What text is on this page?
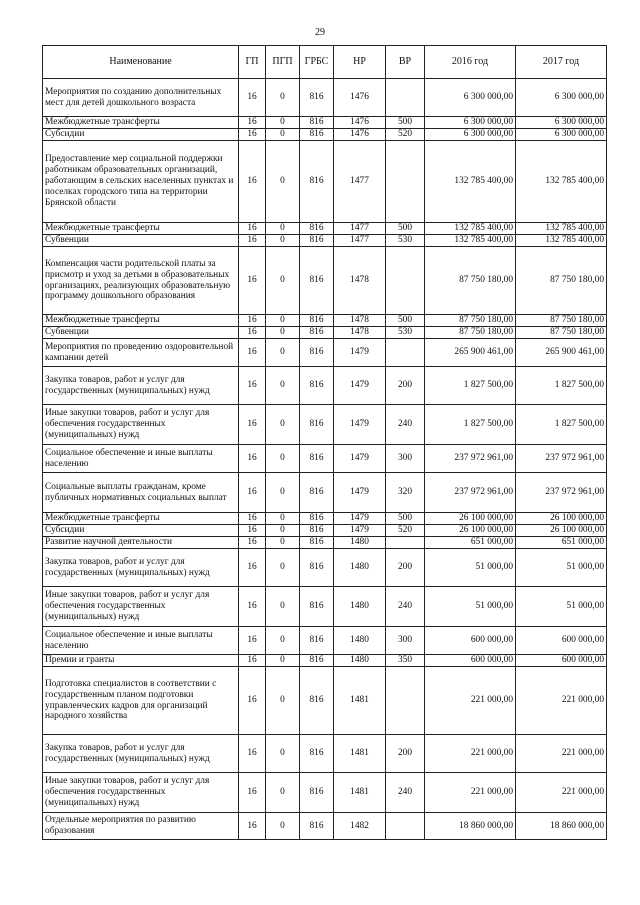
29
Наименование	ГП	ПГП	ГРБС	НР	ВР	2016 год	2017 год
Мероприятия по созданию дополнительных мест для детей дошкольного возраста	16	0	816	1476		6 300 000,00	6 300 000,00
Межбюджетные трансферты	16	0	816	1476	500	6 300 000,00	6 300 000,00
Субсидии	16	0	816	1476	520	6 300 000,00	6 300 000,00
Предоставление мер социальной поддержки работникам образовательных организаций, работающим в сельских населенных пунктах и поселках городского типа на территории Брянской области	16	0	816	1477		132 785 400,00	132 785 400,00
Межбюджетные трансферты	16	0	816	1477	500	132 785 400,00	132 785 400,00
Субвенции	16	0	816	1477	530	132 785 400,00	132 785 400,00
Компенсация части родительской платы за присмотр и уход за детьми в образовательных организациях, реализующих образовательную программу дошкольного образования	16	0	816	1478		87 750 180,00	87 750 180,00
Межбюджетные трансферты	16	0	816	1478	500	87 750 180,00	87 750 180,00
Субвенции	16	0	816	1478	530	87 750 180,00	87 750 180,00
Мероприятия по проведению оздоровительной кампании детей	16	0	816	1479		265 900 461,00	265 900 461,00
Закупка товаров, работ и услуг для государственных (муниципальных) нужд	16	0	816	1479	200	1 827 500,00	1 827 500,00
Иные закупки товаров, работ и услуг для обеспечения государственных (муниципальных) нужд	16	0	816	1479	240	1 827 500,00	1 827 500,00
Социальное обеспечение и иные выплаты населению	16	0	816	1479	300	237 972 961,00	237 972 961,00
Социальные выплаты гражданам, кроме публичных нормативных социальных выплат	16	0	816	1479	320	237 972 961,00	237 972 961,00
Межбюджетные трансферты	16	0	816	1479	500	26 100 000,00	26 100 000,00
Субсидии	16	0	816	1479	520	26 100 000,00	26 100 000,00
Развитие научной деятельности	16	0	816	1480		651 000,00	651 000,00
Закупка товаров, работ и услуг для государственных (муниципальных) нужд	16	0	816	1480	200	51 000,00	51 000,00
Иные закупки товаров, работ и услуг для обеспечения государственных (муниципальных) нужд	16	0	816	1480	240	51 000,00	51 000,00
Социальное обеспечение и иные выплаты населению	16	0	816	1480	300	600 000,00	600 000,00
Премии и гранты	16	0	816	1480	350	600 000,00	600 000,00
Подготовка специалистов в соответствии с государственным планом подготовки управленческих кадров для организаций народного хозяйства	16	0	816	1481		221 000,00	221 000,00
Закупка товаров, работ и услуг для государственных (муниципальных) нужд	16	0	816	1481	200	221 000,00	221 000,00
Иные закупки товаров, работ и услуг для обеспечения государственных (муниципальных) нужд	16	0	816	1481	240	221 000,00	221 000,00
Отдельные мероприятия по развитию образования	16	0	816	1482		18 860 000,00	18 860 000,00
